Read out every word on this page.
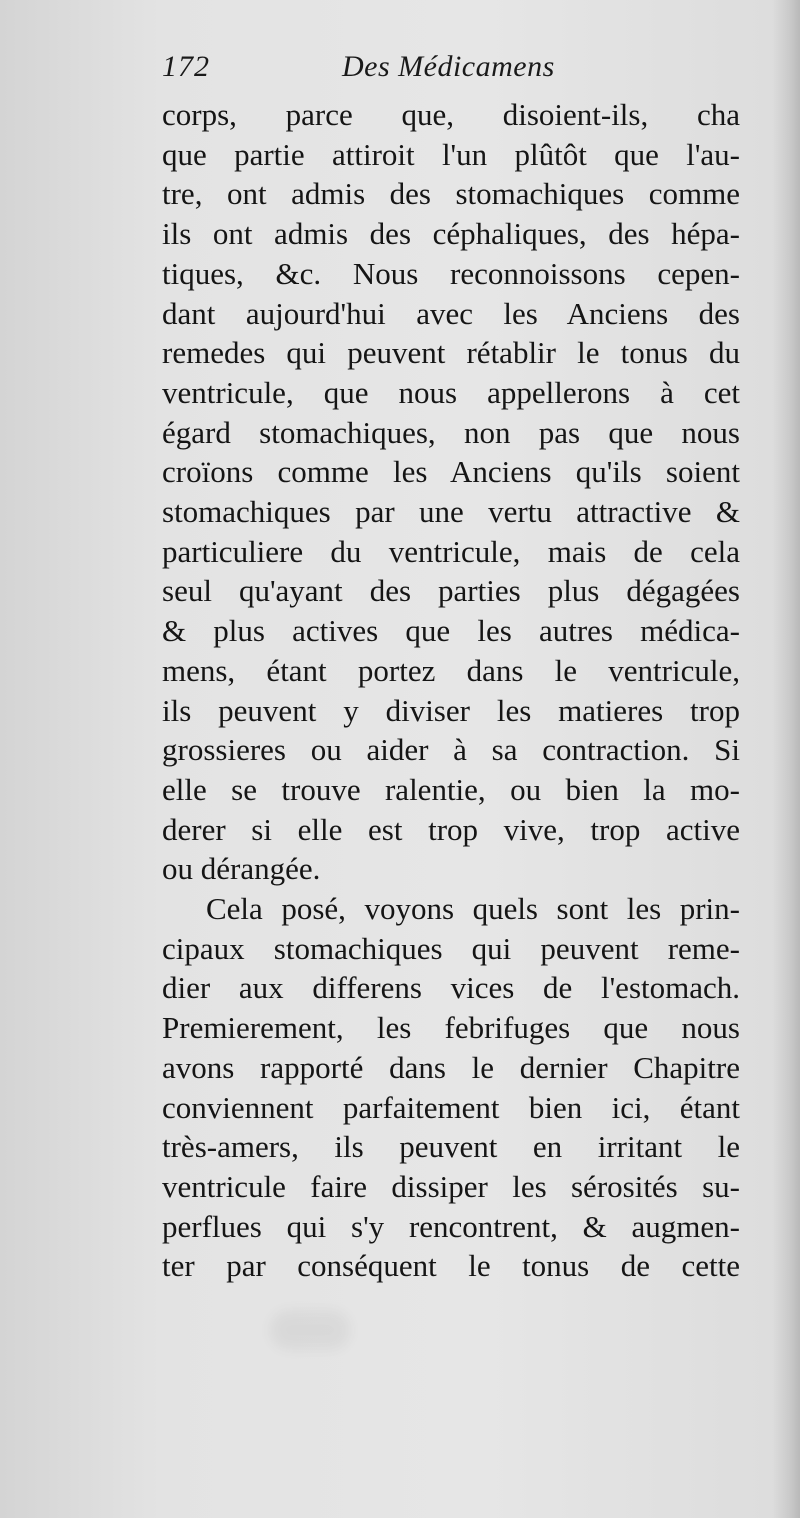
172	Des Médicamens
corps, parce que, disoient-ils, cha
que partie attiroit l'un plûtôt que l'au-
tre, ont admis des stomachiques comme
ils ont admis des céphaliques, des hépa-
tiques, &c. Nous reconnoissons cepen-
dant aujourd'hui avec les Anciens des
remedes qui peuvent rétablir le tonus du
ventricule, que nous appellerons à cet
égard stomachiques, non pas que nous
croïons comme les Anciens qu'ils soient
stomachiques par une vertu attractive &
particuliere du ventricule, mais de cela
seul qu'ayant des parties plus dégagées
& plus actives que les autres médica-
mens, étant portez dans le ventricule,
ils peuvent y diviser les matieres trop
grossieres ou aider à sa contraction. Si
elle se trouve ralentie, ou bien la mo-
derer si elle est trop vive, trop active
ou dérangée.
Cela posé, voyons quels sont les prin-
cipaux stomachiques qui peuvent reme-
dier aux differens vices de l'estomach.
Premierement, les febrifuges que nous
avons rapporté dans le dernier Chapitre
conviennent parfaitement bien ici, étant
très-amers, ils peuvent en irritant le
ventricule faire dissiper les sérosités su-
perflues qui s'y rencontrent, & augmen-
ter par conséquent le tonus de cette
